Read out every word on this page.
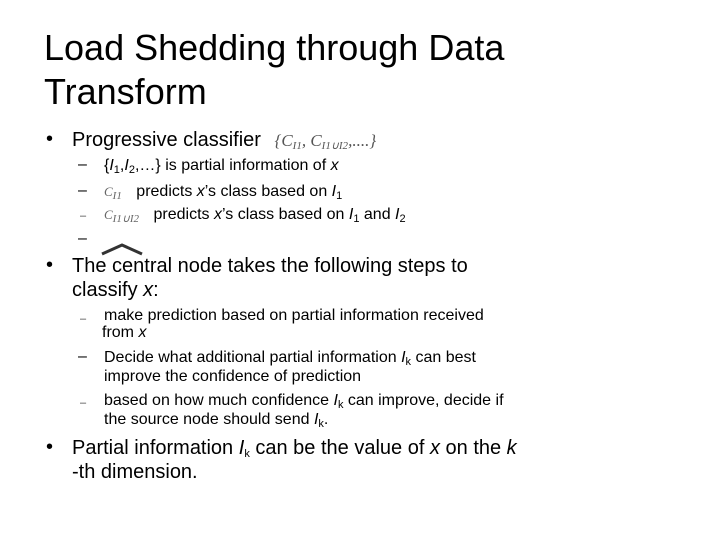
Load Shedding through Data
Transform
• Progressive classifier {$C_{I1}$, $C_{I1\cup I2}$,....}
– $\{I_1,I_2,\dots\}$ is partial information of x
– $C_{I1}$ predicts x’s class based on $I_1$
– $C_{I1\cup I2}$ predicts x’s class based on $I_1$ and $I_2$
–
• The central node takes the following steps to
classify x:
– make prediction based on partial information received
from x
– Decide what additional partial information $I_k$ can best
improve the confidence of prediction
– based on how much confidence $I_k$ can improve, decide if
the source node should send $I_k$.
• Partial information $I_k$ can be the value of x on the k
-th dimension.
